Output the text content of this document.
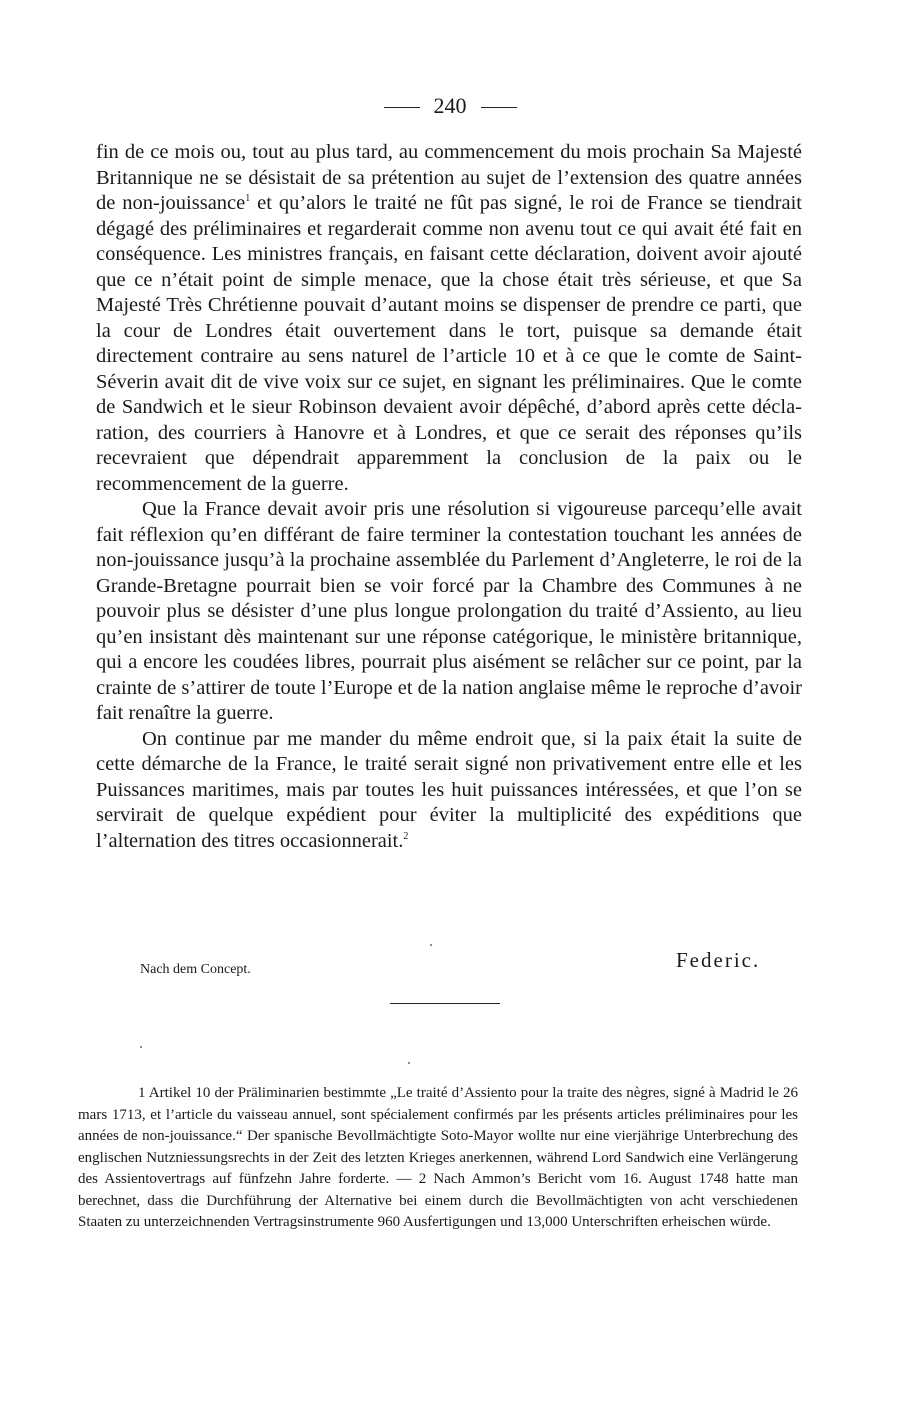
240

fin de ce mois ou, tout au plus tard, au commencement du mois prochain Sa Majesté Britannique ne se désistait de sa prétention au sujet de l’extension des quatre années de non-jouissance$^1$ et qu’alors le traité ne fût pas signé, le roi de France se tiendrait dégagé des préliminaires et regarderait comme non avenu tout ce qui avait été fait en conséquence. Les ministres français, en faisant cette déclaration, doivent avoir ajouté que ce n’était point de simple menace, que la chose était très sérieuse, et que Sa Majesté Très Chrétienne pouvait d’autant moins se dispenser de prendre ce parti, que la cour de Londres était ouvertement dans le tort, puisque sa demande était directement contraire au sens naturel de l’article 10 et à ce que le comte de Saint-Séverin avait dit de vive voix sur ce sujet, en signant les préliminaires. Que le comte de Sandwich et le sieur Robinson devaient avoir dépêché, d’abord après cette déclaration, des courriers à Hanovre et à Londres, et que ce serait des réponses qu’ils recevraient que dépendrait apparemment la conclusion de la paix ou le recommencement de la guerre.

Que la France devait avoir pris une résolution si vigoureuse parcequ’elle avait fait réflexion qu’en différant de faire terminer la contestation touchant les années de non-jouissance jusqu’à la prochaine assemblée du Parlement d’Angleterre, le roi de la Grande-Bretagne pourrait bien se voir forcé par la Chambre des Communes à ne pouvoir plus se désister d’une plus longue prolongation du traité d’Assiento, au lieu qu’en insistant dès maintenant sur une réponse catégorique, le ministère britannique, qui a encore les coudées libres, pourrait plus aisément se relâcher sur ce point, par la crainte de s’attirer de toute l’Europe et de la nation anglaise même le reproche d’avoir fait renaître la guerre.

On continue par me mander du même endroit que, si la paix était la suite de cette démarche de la France, le traité serait signé non privativement entre elle et les Puissances maritimes, mais par toutes les huit puissances intéressées, et que l’on se servirait de quelque expédient pour éviter la multiplicité des expéditions que l’alternation des titres occasionnerait.$^2$

Federic.
Nach dem Concept.

1 Artikel 10 der Präliminarien bestimmte „Le traité d’Assiento pour la traite des nègres, signé à Madrid le 26 mars 1713, et l’article du vaisseau annuel, sont spécialement confirmés par les présents articles préliminaires pour les années de non-jouissance.“ Der spanische Bevollmächtigte Soto-Mayor wollte nur eine vierjährige Unterbrechung des englischen Nutzniessungsrechts in der Zeit des letzten Krieges anerkennen, während Lord Sandwich eine Verlängerung des Assientovertrags auf fünfzehn Jahre forderte. — 2 Nach Ammon’s Bericht vom 16. August 1748 hatte man berechnet, dass die Durchführung der Alternative bei einem durch die Bevollmächtigten von acht verschiedenen Staaten zu unterzeichnenden Vertragsinstrumente 960 Ausfertigungen und 13,000 Unterschriften erheischen würde.
